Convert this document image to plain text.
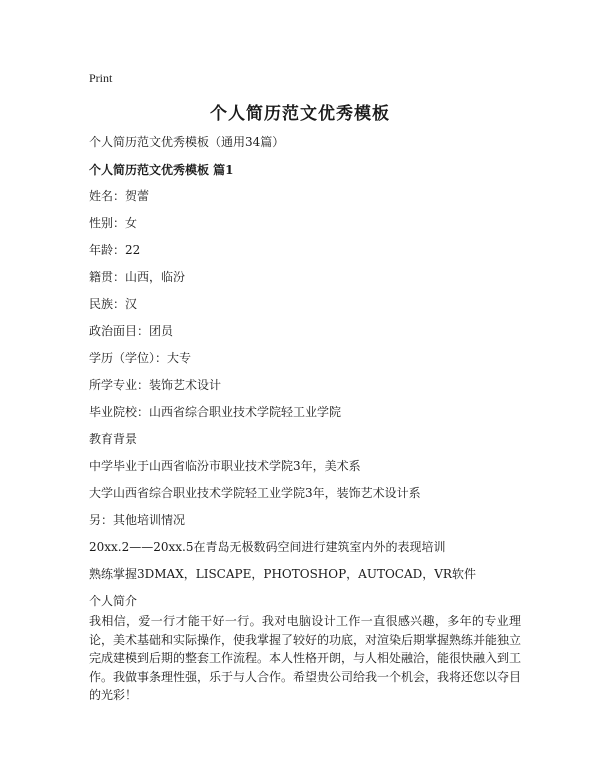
Print
个人简历范文优秀模板
个人简历范文优秀模板（通用34篇）
个人简历范文优秀模板 篇1
姓名：贺蕾
性别：女
年龄：22
籍贯：山西，临汾
民族：汉
政治面目：团员
学历（学位）：大专
所学专业：装饰艺术设计
毕业院校：山西省综合职业技术学院轻工业学院
教育背景
中学毕业于山西省临汾市职业技术学院3年，美术系
大学山西省综合职业技术学院轻工业学院3年，装饰艺术设计系
另：其他培训情况
20xx.2——20xx.5在青岛无极数码空间进行建筑室内外的表现培训
熟练掌握3DMAX，LISCAPE，PHOTOSHOP，AUTOCAD，VR软件
个人简介
我相信，爱一行才能干好一行。我对电脑设计工作一直很感兴趣，多年的专业理论，美术基础和实际操作，使我掌握了较好的功底，对渲染后期掌握熟练并能独立完成建模到后期的整套工作流程。本人性格开朗，与人相处融洽，能很快融入到工作。我做事条理性强，乐于与人合作。希望贵公司给我一个机会，我将还您以夺目的光彩！
